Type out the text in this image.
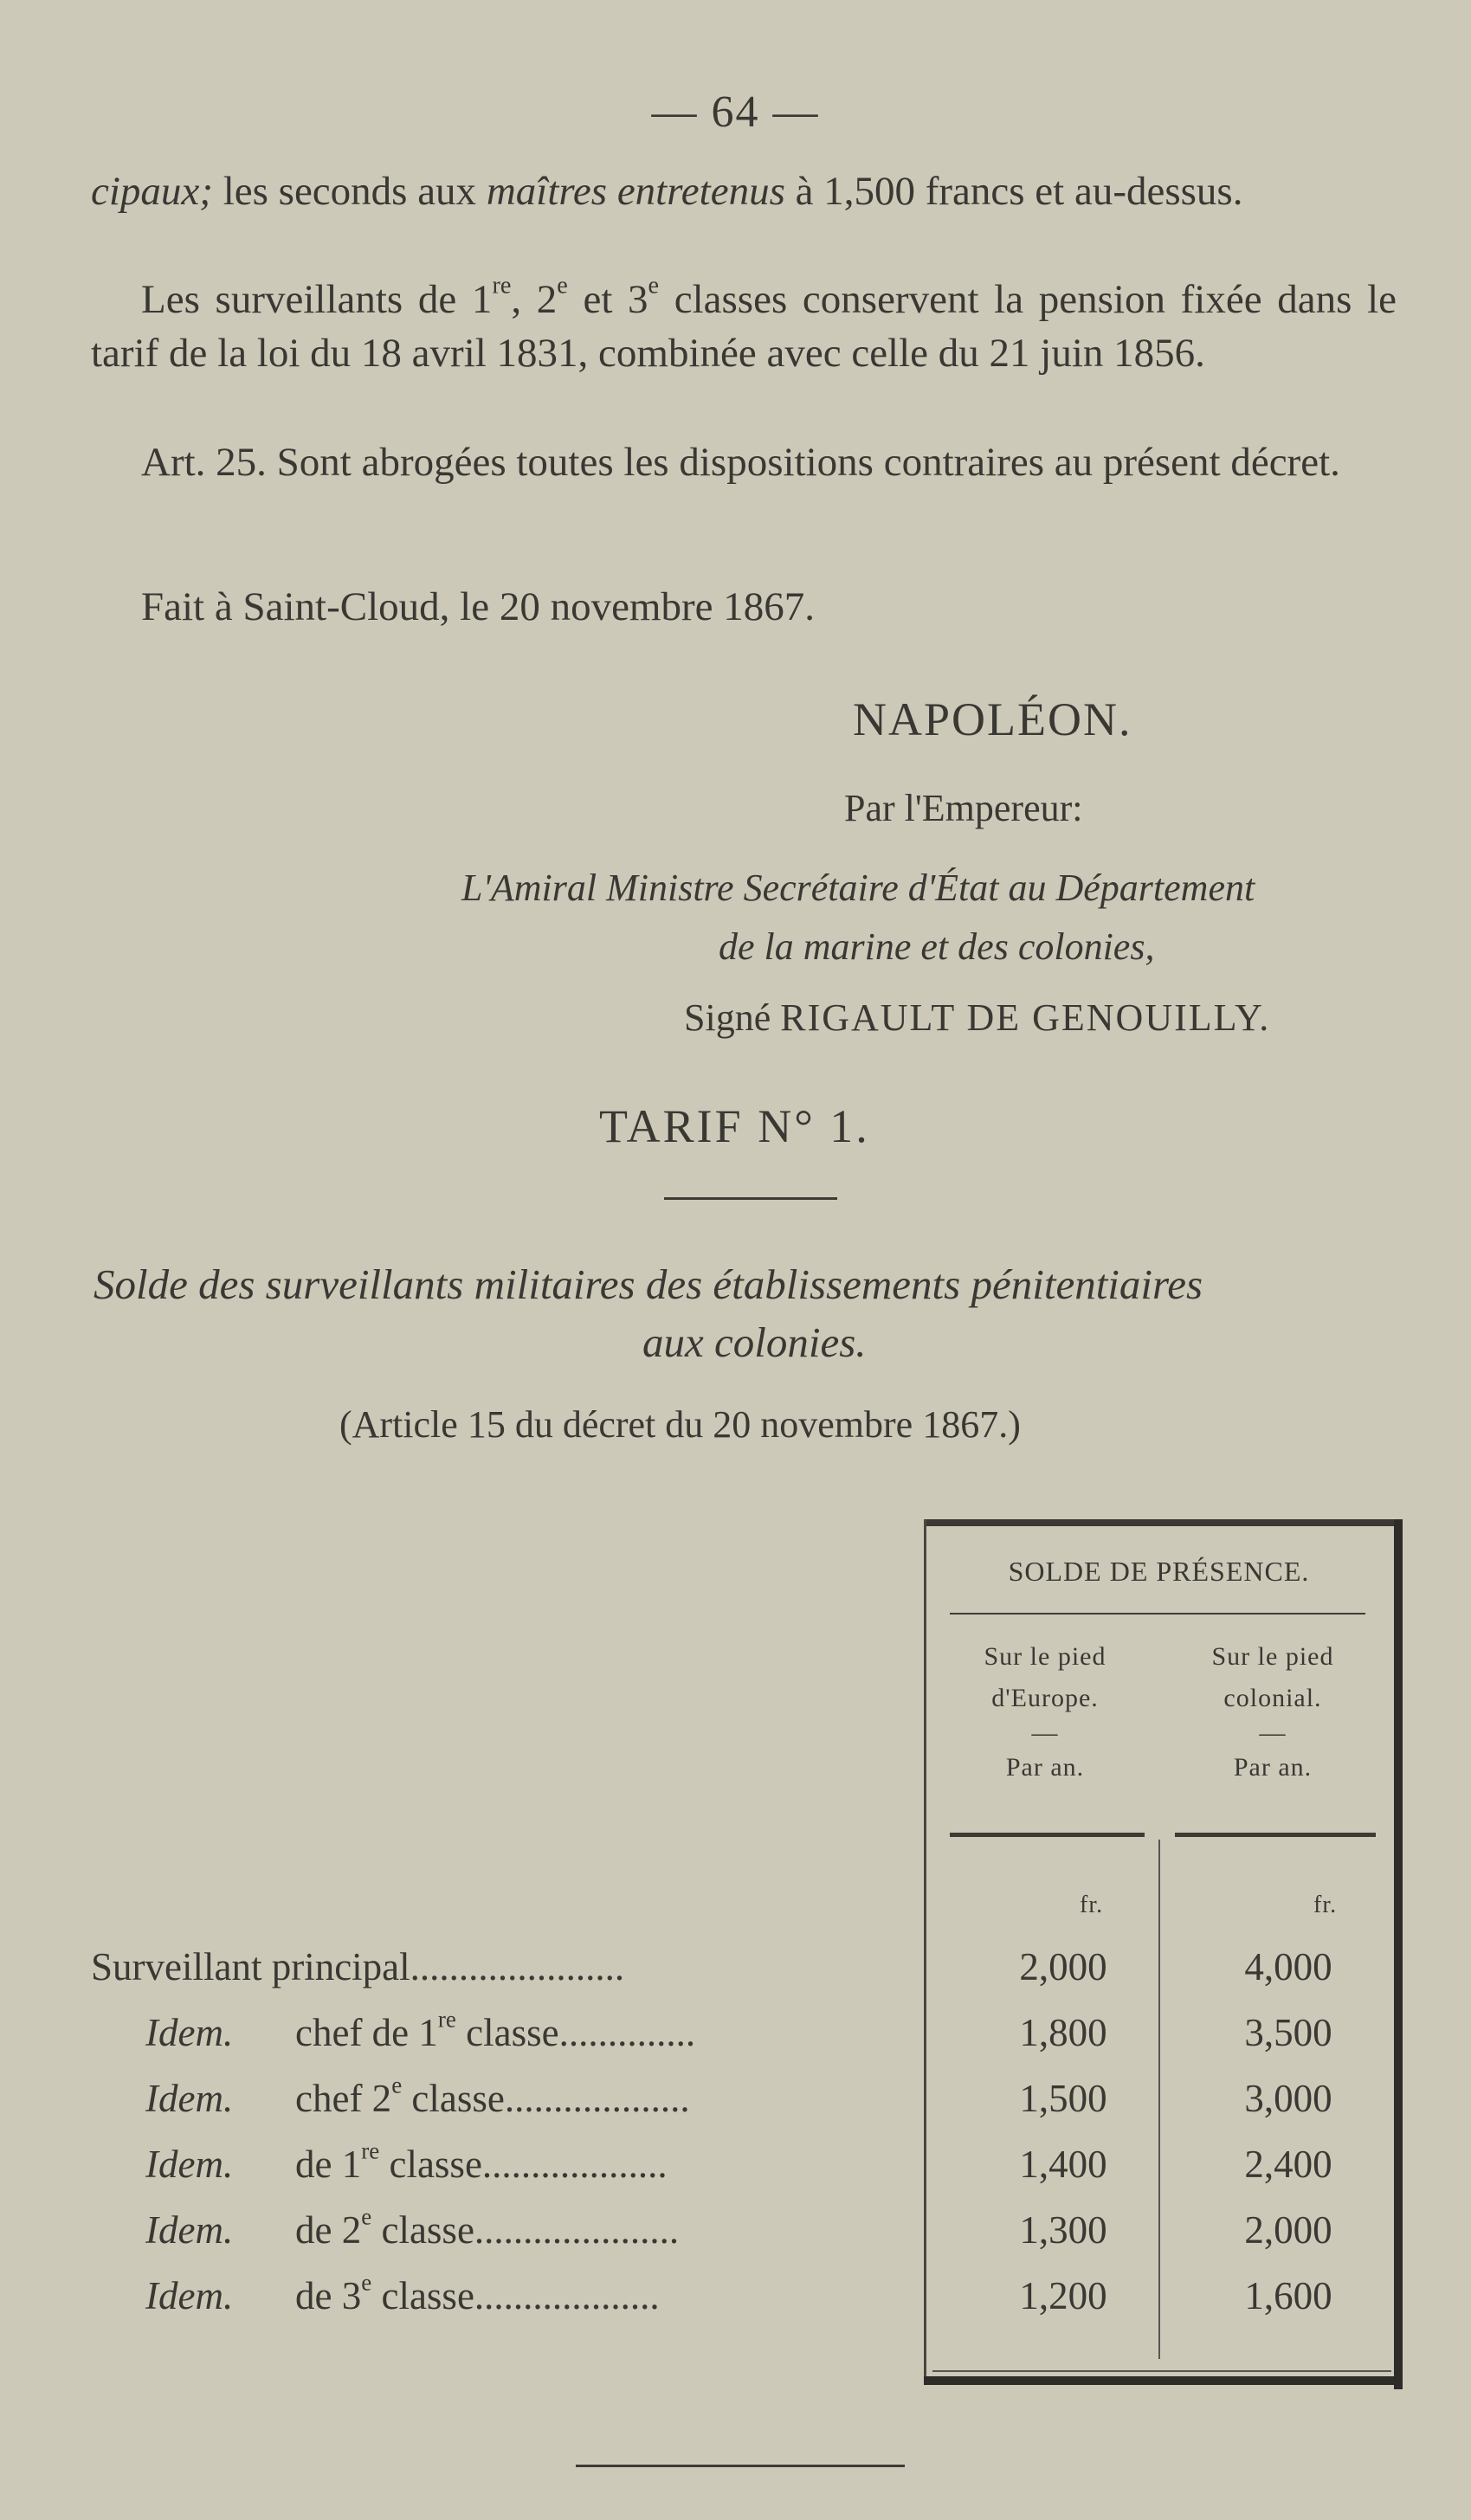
— 64 —
cipaux; les seconds aux maîtres entretenus à 1,500 francs et au-dessus.
Les surveillants de 1re, 2e et 3e classes conservent la pension fixée dans le tarif de la loi du 18 avril 1831, combinée avec celle du 21 juin 1856.
Art. 25. Sont abrogées toutes les dispositions contraires au présent décret.
Fait à Saint-Cloud, le 20 novembre 1867.
NAPOLÉON.
Par l'Empereur:
L'Amiral Ministre Secrétaire d'État au Département
de la marine et des colonies,
Signé RIGAULT DE GENOUILLY.
TARIF N° 1.
Solde des surveillants militaires des établissements pénitentiaires
aux colonies.
(Article 15 du décret du 20 novembre 1867.)
SOLDE DE PRÉSENCE.
Sur le pied
d'Europe.
—
Par an.
Sur le pied
colonial.
—
Par an.
fr.	fr.
Surveillant principal......................	2,000	4,000
Idem. chef de 1re classe..............	1,800	3,500
Idem. chef 2e classe...................	1,500	3,000
Idem. de 1re classe...................	1,400	2,400
Idem. de 2e classe.....................	1,300	2,000
Idem. de 3e classe...................	1,200	1,600
